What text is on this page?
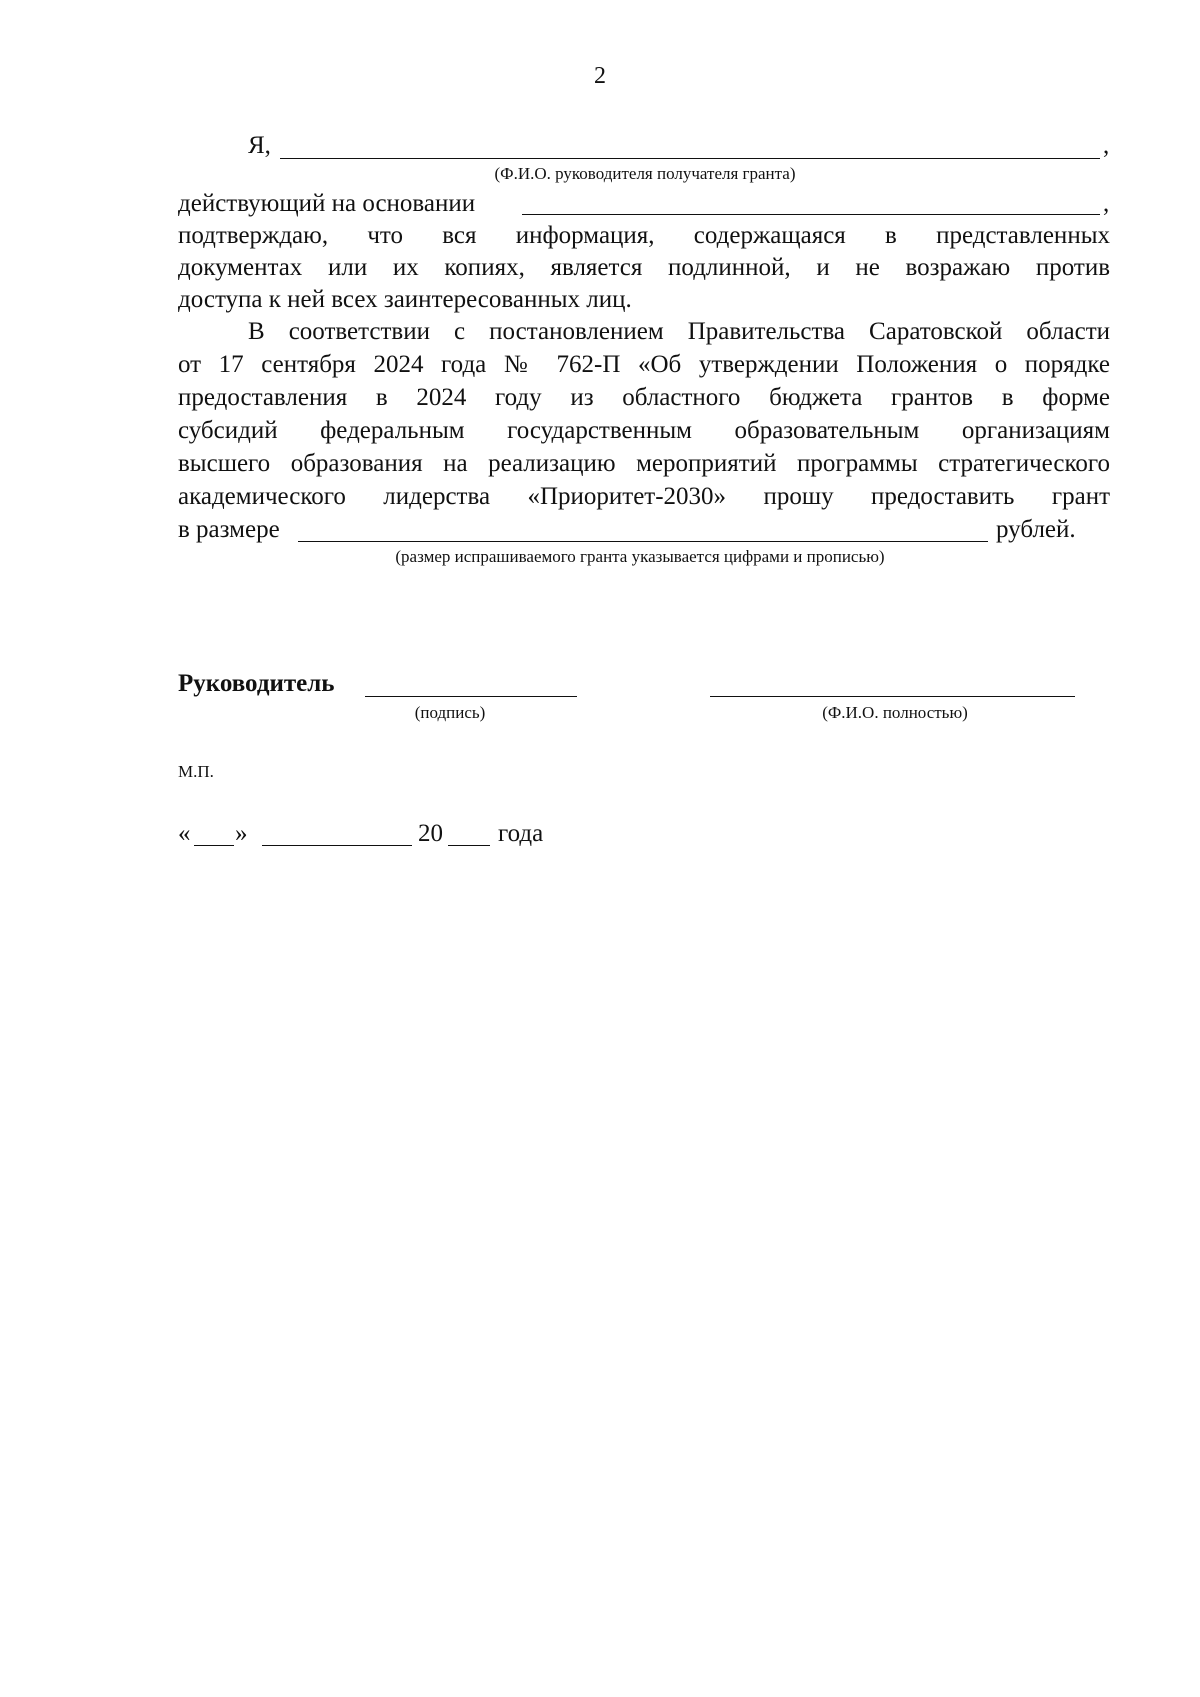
2
Я,	,
(Ф.И.О. руководителя получателя гранта)
действующий на основании	,
подтверждаю, что вся информация, содержащаяся в представленных
документах или их копиях, является подлинной, и не возражаю против
доступа к ней всех заинтересованных лиц.
В соответствии с постановлением Правительства Саратовской области
от 17 сентября 2024 года № 762-П «Об утверждении Положения о порядке
предоставления в 2024 году из областного бюджета грантов в форме
субсидий федеральным государственным образовательным организациям
высшего образования на реализацию мероприятий программы стратегического
академического лидерства «Приоритет-2030» прошу предоставить грант
в размере	рублей.
(размер испрашиваемого гранта указывается цифрами и прописью)
Руководитель
(подпись)	(Ф.И.О. полностью)
М.П.
« »	20 года
